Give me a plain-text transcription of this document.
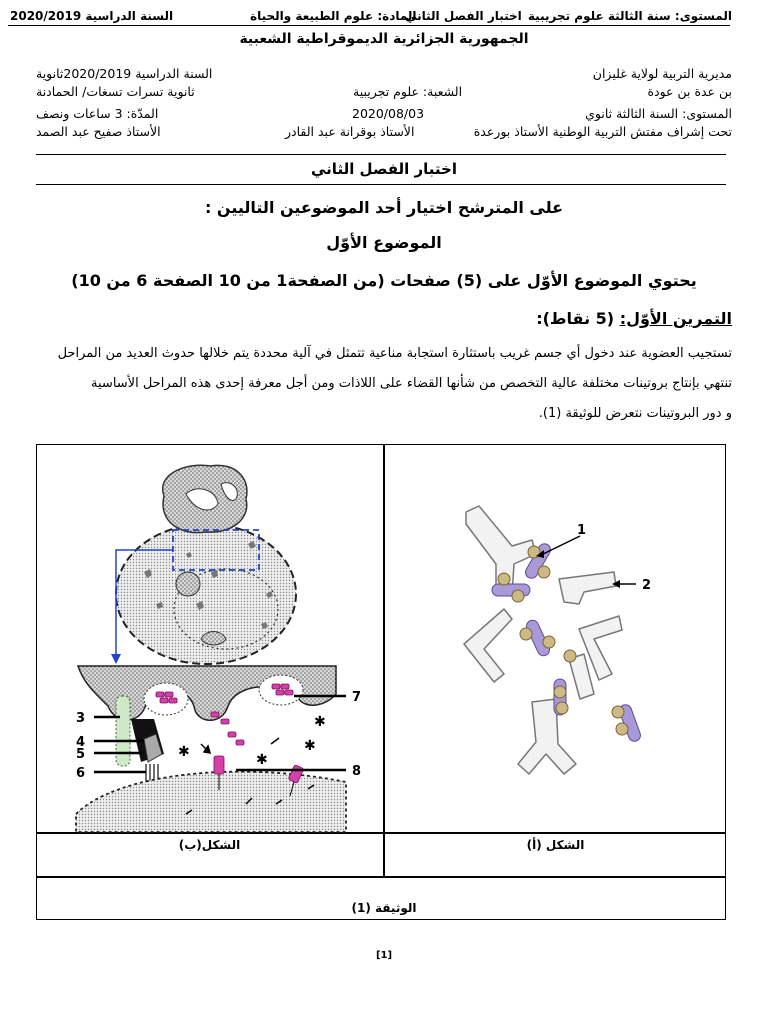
السنة الدراسية 2020/2019	المادة: علوم الطبيعة والحياة
اختبار الفصل الثاني المستوى: سنة الثالثة علوم تجريبية
الجمهورية الجزائرية الديموقراطية الشعبية
مديرية التربية لولاية غليزان
السنة الدراسية 2020/2019ثانوية
بن عدة بن عودة
الشعبة: علوم تجريبية
ثانوية تسرات تسغات/ الحمادنة
المستوى: السنة الثالثة ثانوي
2020/08/03
المدّة: 3 ساعات ونصف
تحت إشراف مفتش التربية الوطنية الأستاذ بورعدة
الأستاذ بوقرانة عبد القادر
الأستاذ صفيح عبد الصمد
اختبار الفصل الثاني
على المترشح اختيار أحد الموضوعين التاليين :
الموضوع الأوّل
يحتوي الموضوع الأوّل على (5) صفحات (من الصفحة1 من 10 الصفحة 6 من 10)
التمرين الأوّل: (5 نقاط):
تستجيب العضوية عند دخول أي جسم غريب باستثارة استجابة مناعية تتمثل في آلية محددة يتم خلالها حدوث العديد من المراحل
تنتهي بإنتاج بروتينات مختلفة عالية التخصص من شأنها القضاء على اللاذات ومن أجل معرفة إحدى هذه المراحل الأساسية
و دور البروتينات نتعرض للوثيقة (1).
✱
✱	✱
✱
3
4
5
6
7
8
1
2
الشكل(ب)	الشكل (أ)
الوثيقة (1)
[1]
